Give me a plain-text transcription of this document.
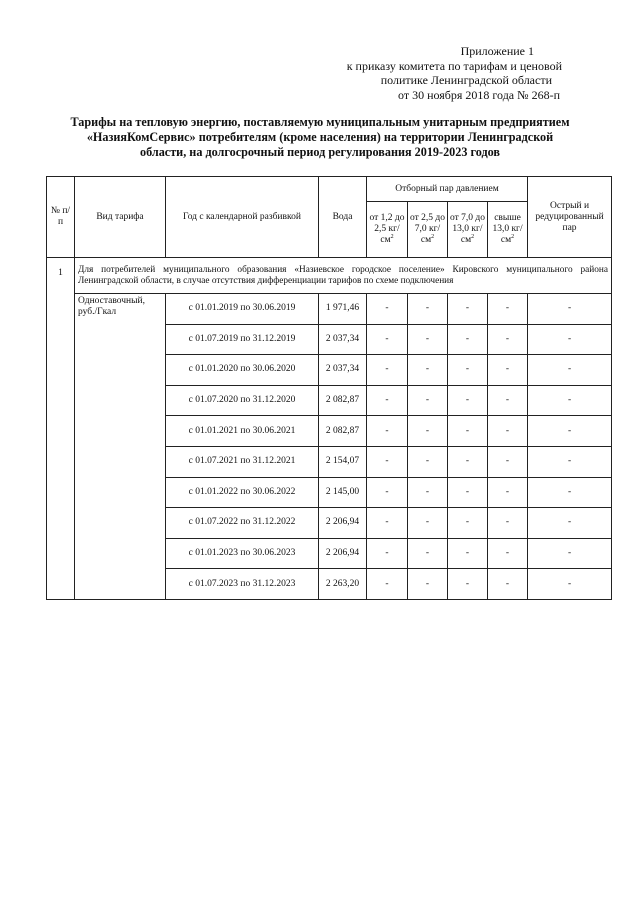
Приложение 1
к приказу комитета по тарифам и ценовой
политике Ленинградской области
от 30 ноября 2018 года № 268-п
Тарифы на тепловую энергию, поставляемую муниципальным унитарным предприятием
«НазияКомСервис» потребителям (кроме населения) на территории Ленинградской
области, на долгосрочный период регулирования 2019-2023 годов
№ п/п	Вид тарифа	Год с календарной разбивкой	Вода	Отборный пар давлением				Острый и редуцированный пар
				от 1,2 до 2,5 $кг/см^2$	от 2,5 до 7,0 $кг/см^2$	от 7,0 до 13,0 $кг/см^2$	свыше 13,0 $кг/см^2$
1	Для потребителей муниципального образования «Назиевское городское поселение» Кировского муниципального района Ленинградской области, в случае отсутствия дифференциации тарифов по схеме подключения							
	Одноставочный, руб./Гкал	с 01.01.2019 по 30.06.2019	1 971,46	-	-	-	-	-
		с 01.07.2019 по 31.12.2019	2 037,34	-	-	-	-	-
		с 01.01.2020 по 30.06.2020	2 037,34	-	-	-	-	-
		с 01.07.2020 по 31.12.2020	2 082,87	-	-	-	-	-
		с 01.01.2021 по 30.06.2021	2 082,87	-	-	-	-	-
		с 01.07.2021 по 31.12.2021	2 154,07	-	-	-	-	-
		с 01.01.2022 по 30.06.2022	2 145,00	-	-	-	-	-
		с 01.07.2022 по 31.12.2022	2 206,94	-	-	-	-	-
		с 01.01.2023 по 30.06.2023	2 206,94	-	-	-	-	-
		с 01.07.2023 по 31.12.2023	2 263,20	-	-	-	-	-
